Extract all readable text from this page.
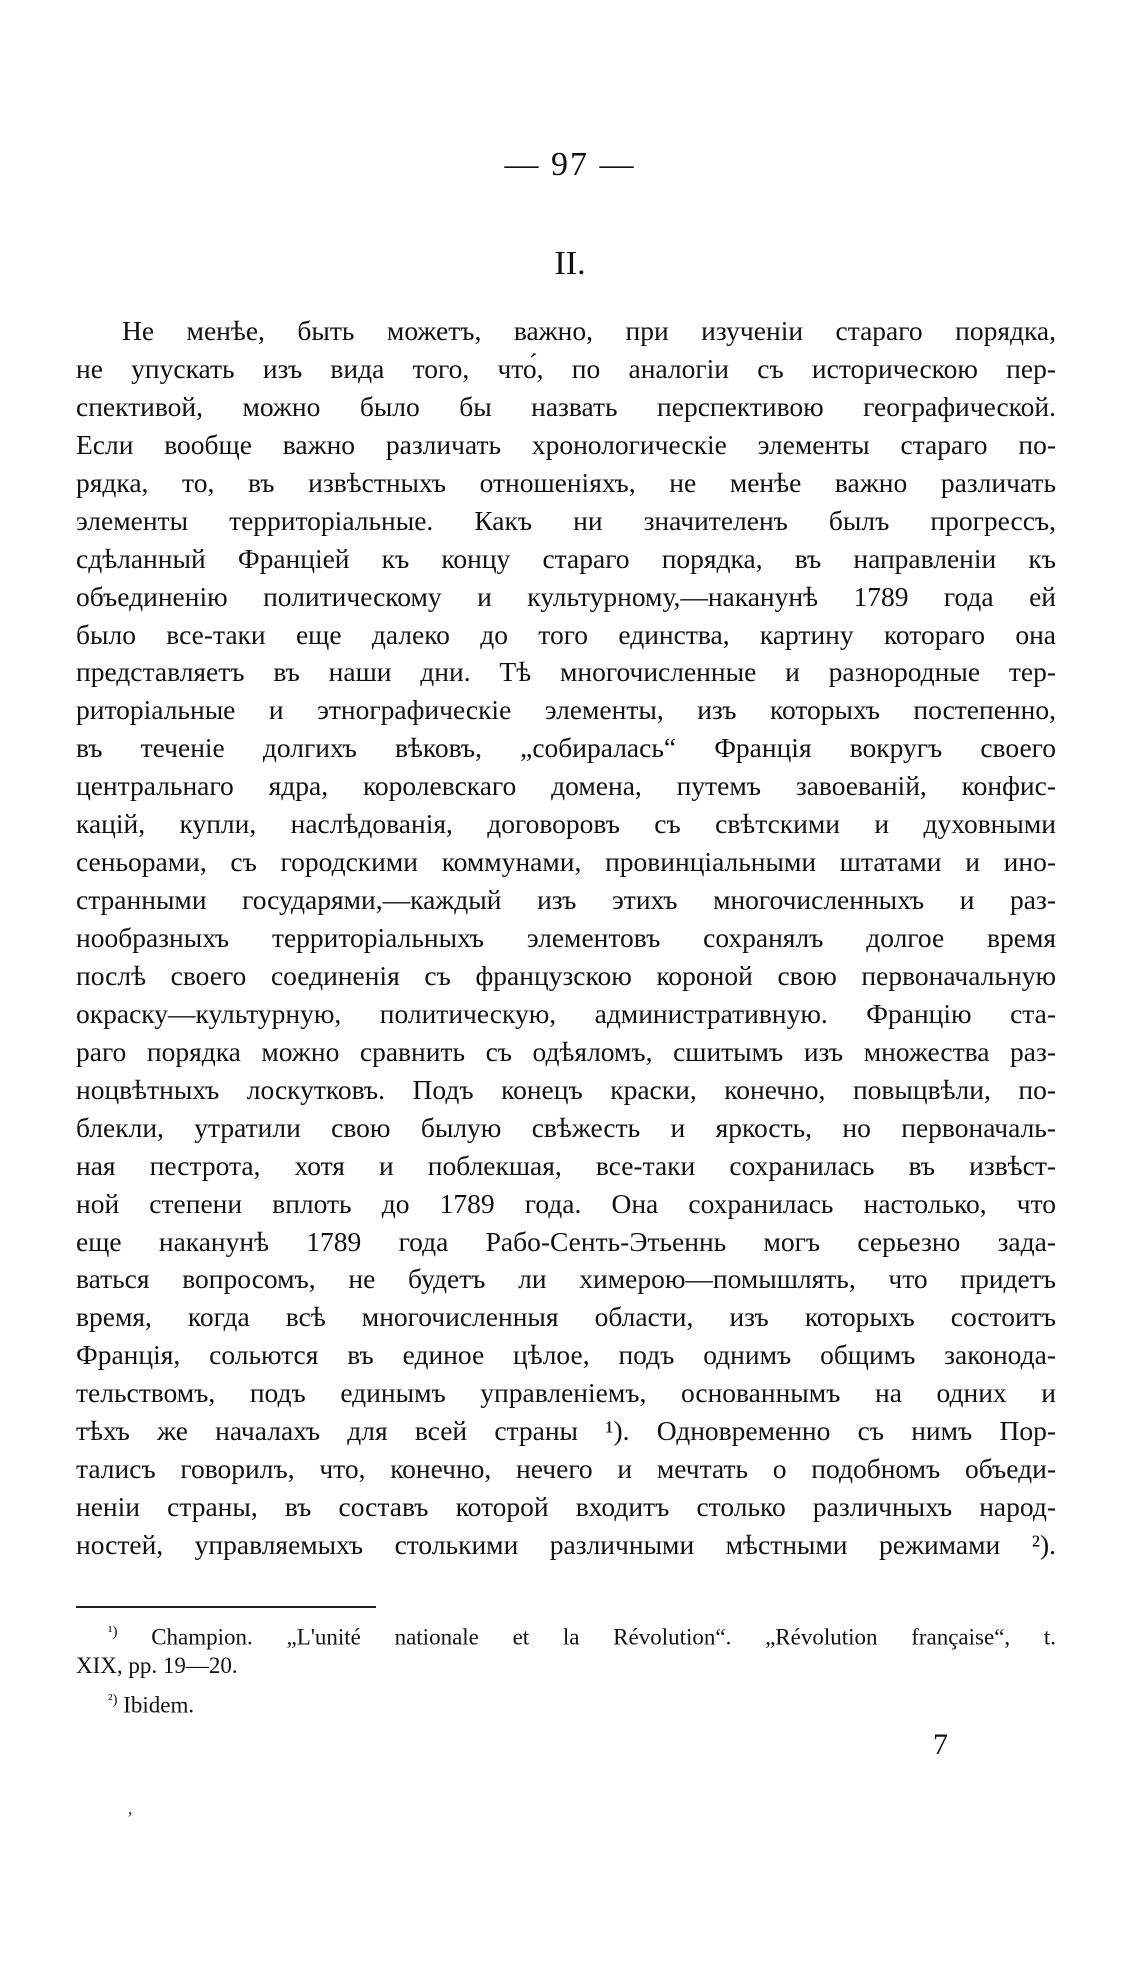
— 97 —
II.
Не менѣе, быть можетъ, важно, при изученіи стараго порядка,
не упускать изъ вида того, что́, по аналогіи съ историческою пер-
спективой, можно было бы назвать перспективою географической.
Если вообще важно различать хронологическіе элементы стараго по-
рядка, то, въ извѣстныхъ отношеніяхъ, не менѣе важно различать
элементы территоріальные. Какъ ни значителенъ былъ прогрессъ,
сдѣланный Франціей къ концу стараго порядка, въ направленіи къ
объединенію политическому и культурному,—наканунѣ 1789 года ей
было все-таки еще далеко до того единства, картину котораго она
представляетъ въ наши дни. Тѣ многочисленные и разнородные тер-
риторіальные и этнографическіе элементы, изъ которыхъ постепенно,
въ теченіе долгихъ вѣковъ, „собиралась“ Франція вокругъ своего
центральнаго ядра, королевскаго домена, путемъ завоеваній, конфис-
кацій, купли, наслѣдованія, договоровъ съ свѣтскими и духовными
сеньорами, съ городскими коммунами, провинціальными штатами и ино-
странными государями,—каждый изъ этихъ многочисленныхъ и раз-
нообразныхъ территоріальныхъ элементовъ сохранялъ долгое время
послѣ своего соединенія съ французскою короной свою первоначальную
окраску—культурную, политическую, административную. Францію ста-
раго порядка можно сравнить съ одѣяломъ, сшитымъ изъ множества раз-
ноцвѣтныхъ лоскутковъ. Подъ конецъ краски, конечно, повыцвѣли, по-
блекли, утратили свою былую свѣжесть и яркость, но первоначаль-
ная пестрота, хотя и поблекшая, все-таки сохранилась въ извѣст-
ной степени вплоть до 1789 года. Она сохранилась настолько, что
еще наканунѣ 1789 года Рабо-Сенть-Этьеннь могъ серьезно зада-
ваться вопросомъ, не будетъ ли химерою—помышлять, что придетъ
время, когда всѣ многочисленныя области, изъ которыхъ состоитъ
Франція, сольются въ единое цѣлое, подъ однимъ общимъ законода-
тельствомъ, подъ единымъ управленіемъ, основаннымъ на одних и
тѣхъ же началахъ для всей страны ¹). Одновременно съ нимъ Пор-
талисъ говорилъ, что, конечно, нечего и мечтать о подобномъ объеди-
неніи страны, въ составъ которой входитъ столько различныхъ народ-
ностей, управляемыхъ столькими различными мѣстными режимами ²).
$^{^1)}$ Champion. „L'unité nationale et la Révolution“. „Révolution française“, t.
XIX, pp. 19—20.
$^{^2)}$ Ibidem.
7
ʼ
